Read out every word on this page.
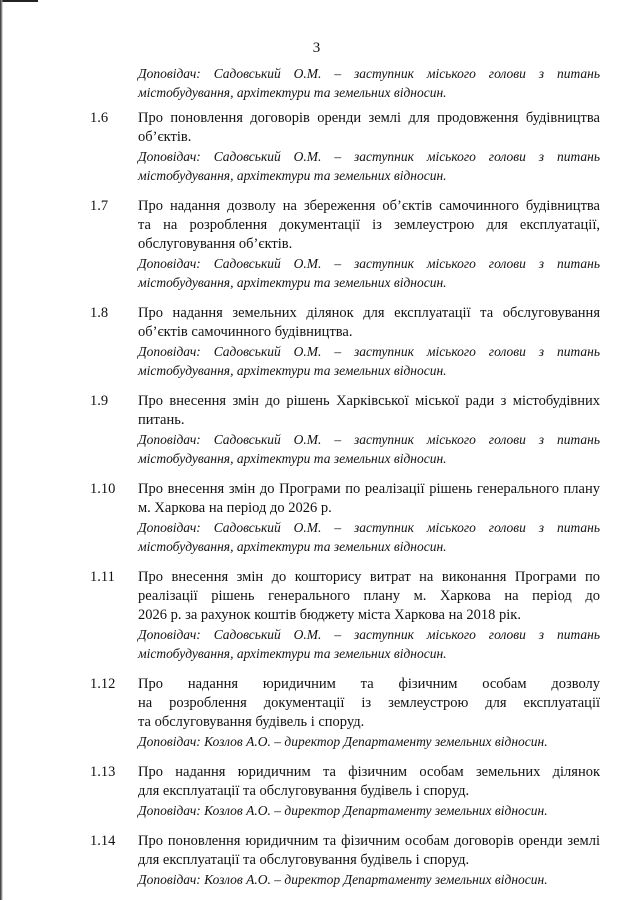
3
Доповідач: Садовський О.М. – заступник міського голови з питань
містобудування, архітектури та земельних відносин.
1.6 Про поновлення договорів оренди землі для продовження будівництва
об’єктів.
Доповідач: Садовський О.М. – заступник міського голови з питань
містобудування, архітектури та земельних відносин.
1.7 Про надання дозволу на збереження об’єктів самочинного будівництва
та на розроблення документації із землеустрою для експлуатації,
обслуговування об’єктів.
Доповідач: Садовський О.М. – заступник міського голови з питань
містобудування, архітектури та земельних відносин.
1.8 Про надання земельних ділянок для експлуатації та обслуговування
об’єктів самочинного будівництва.
Доповідач: Садовський О.М. – заступник міського голови з питань
містобудування, архітектури та земельних відносин.
1.9 Про внесення змін до рішень Харківської міської ради з містобудівних
питань.
Доповідач: Садовський О.М. – заступник міського голови з питань
містобудування, архітектури та земельних відносин.
1.10 Про внесення змін до Програми по реалізації рішень генерального плану
м. Харкова на період до 2026 р.
Доповідач: Садовський О.М. – заступник міського голови з питань
містобудування, архітектури та земельних відносин.
1.11 Про внесення змін до кошторису витрат на виконання Програми по
реалізації рішень генерального плану м. Харкова на період до
2026 р. за рахунок коштів бюджету міста Харкова на 2018 рік.
Доповідач: Садовський О.М. – заступник міського голови з питань
містобудування, архітектури та земельних відносин.
1.12 Про надання юридичним та фізичним особам дозволу
на розроблення документації із землеустрою для експлуатації
та обслуговування будівель і споруд.
Доповідач: Козлов А.О. – директор Департаменту земельних відносин.
1.13 Про надання юридичним та фізичним особам земельних ділянок
для експлуатації та обслуговування будівель і споруд.
Доповідач: Козлов А.О. – директор Департаменту земельних відносин.
1.14 Про поновлення юридичним та фізичним особам договорів оренди землі
для експлуатації та обслуговування будівель і споруд.
Доповідач: Козлов А.О. – директор Департаменту земельних відносин.
